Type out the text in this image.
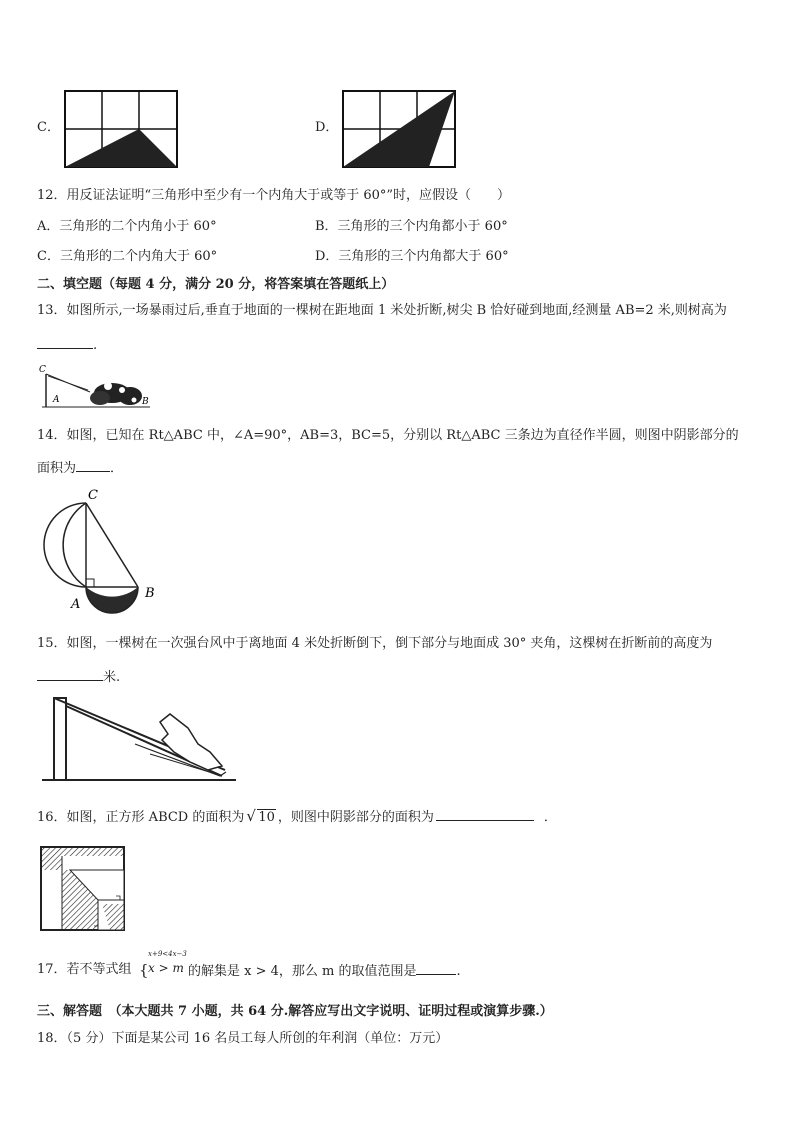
C．	D．
12．用反证法证明“三角形中至少有一个内角大于或等于 60°”时，应假设（　　）
A．三角形的二个内角小于 60°	B．三角形的三个内角都小于 60°
C．三角形的二个内角大于 60°	D．三角形的三个内角都大于 60°
二、填空题（每题 4 分，满分 20 分，将答案填在答题纸上）
13．如图所示,一场暴雨过后,垂直于地面的一棵树在距地面 1 米处折断,树尖 B 恰好碰到地面,经测量 AB=2 米,则树高为
.
C
A	B
14．如图，已知在 Rt△ABC 中，∠A=90°，AB=3，BC=5，分别以 Rt△ABC 三条边为直径作半圆，则图中阴影部分的
面积为	．
C
A
B
15．如图，一棵树在一次强台风中于离地面 4 米处折断倒下，倒下部分与地面成 30° 夹角，这棵树在折断前的高度为
米.
16．如图，正方形 ABCD 的面积为 √ 10 ，则图中阴影部分的面积为	．
17．若不等式组 {
x+9<4x−3
x > m 的解集是 x > 4，那么 m 的取值范围是	.
三、解答题　（本大题共 7 小题，共 64 分.解答应写出文字说明、证明过程或演算步骤.）
18．（5 分）下面是某公司 16 名员工每人所创的年利润（单位：万元）
